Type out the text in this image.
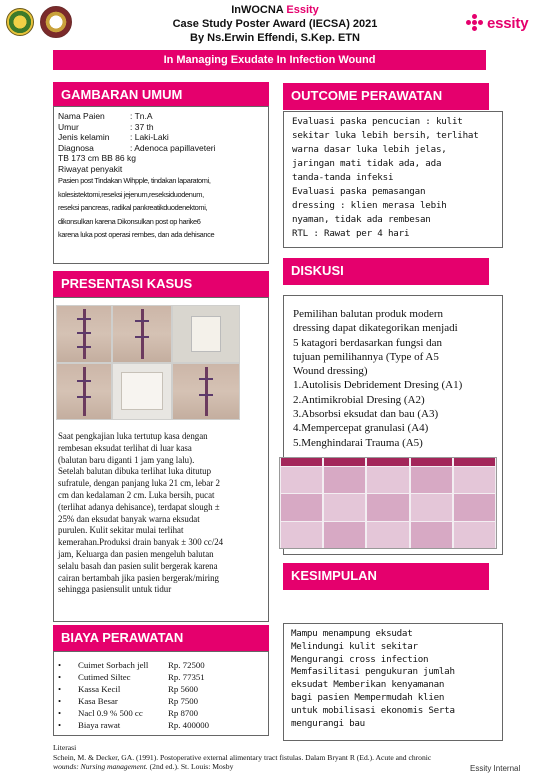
InWOCNA Essity
Case Study Poster Award (IECSA) 2021
By Ns.Erwin Effendi, S.Kep. ETN
essity
In Managing Exudate In Infection Wound
GAMBARAN UMUM
Nama Paien	: Tn.A
Umur	: 37 th
Jenis kelamin	: Laki-Laki
Diagnosa	: Adenoca papillaveteri
TB 173 cm BB 86 kg
Riwayat penyakit
Pasien post Tindakan Wihpple, tindakan laparatomi,
kolesistektomi,reseksi jejenum,reseksiduodenum,
reseksi pancreas, radikal pankreatikduodenektomi,
dikonsulkan karena Dikonsulkan post op harike6
karena luka post operasi rembes, dan ada dehisance
PRESENTASI KASUS
Saat pengkajian luka tertutup kasa dengan
rembesan eksudat terlihat di luar kasa
(balutan baru diganti 1 jam yang lalu).
Setelah balutan dibuka terlihat luka ditutup
sufratule, dengan panjang luka 21 cm, lebar 2
cm dan kedalaman 2 cm. Luka bersih, pucat
(terlihat adanya dehisance), terdapat slough ±
25% dan eksudat banyak warna eksudat
purulen. Kulit sekitar mulai terlihat
kemerahan.Produksi drain banyak ± 300 cc/24
jam, Keluarga dan pasien mengeluh balutan
selalu basah dan pasien sulit bergerak karena
cairan bertambah jika pasien bergerak/miring
sehingga pasiensulit untuk tidur
BIAYA PERAWATAN
•	Cuimet Sorbach jell	Rp. 72500
•	Cutimed Siltec	Rp. 77351
•	Kassa Kecil	Rp 5600
•	Kasa Besar	Rp 7500
•	Nacl 0.9 % 500 cc	Rp 8700
•	Biaya rawat	Rp. 400000
OUTCOME PERAWATAN
Evaluasi paska pencucian : kulit
sekitar luka lebih bersih, terlihat
warna dasar luka lebih jelas,
jaringan mati tidak ada, ada
tanda-tanda infeksi
Evaluasi paska pemasangan
dressing : klien merasa lebih
nyaman, tidak ada rembesan
RTL : Rawat per 4 hari
DISKUSI
Pemilihan balutan produk modern
dressing dapat dikategorikan menjadi
5 katagori berdasarkan fungsi dan
tujuan pemilihannya (Type of A5
Wound dressing)
1.Autolisis Debridement Dresing (A1)
2.Antimikrobial Dresing (A2)
3.Absorbsi eksudat dan bau (A3)
4.Mempercepat granulasi (A4)
5.Menghindarai Trauma (A5)
KESIMPULAN
Mampu menampung eksudat
Melindungi kulit sekitar
Mengurangi cross infection
Memfasilitasi pengukuran jumlah
eksudat Memberikan kenyamanan
bagi pasien Mempermudah klien
untuk mobilisasi ekonomis Serta
mengurangi bau
Literasi
Schein, M. & Decker, GA. (1991). Postoperative external alimentary tract fistulas. Dalam Bryant R (Ed.). Acute and chronic
wounds: Nursing management. (2nd ed.). St. Louis: Mosby	Essity Internal
